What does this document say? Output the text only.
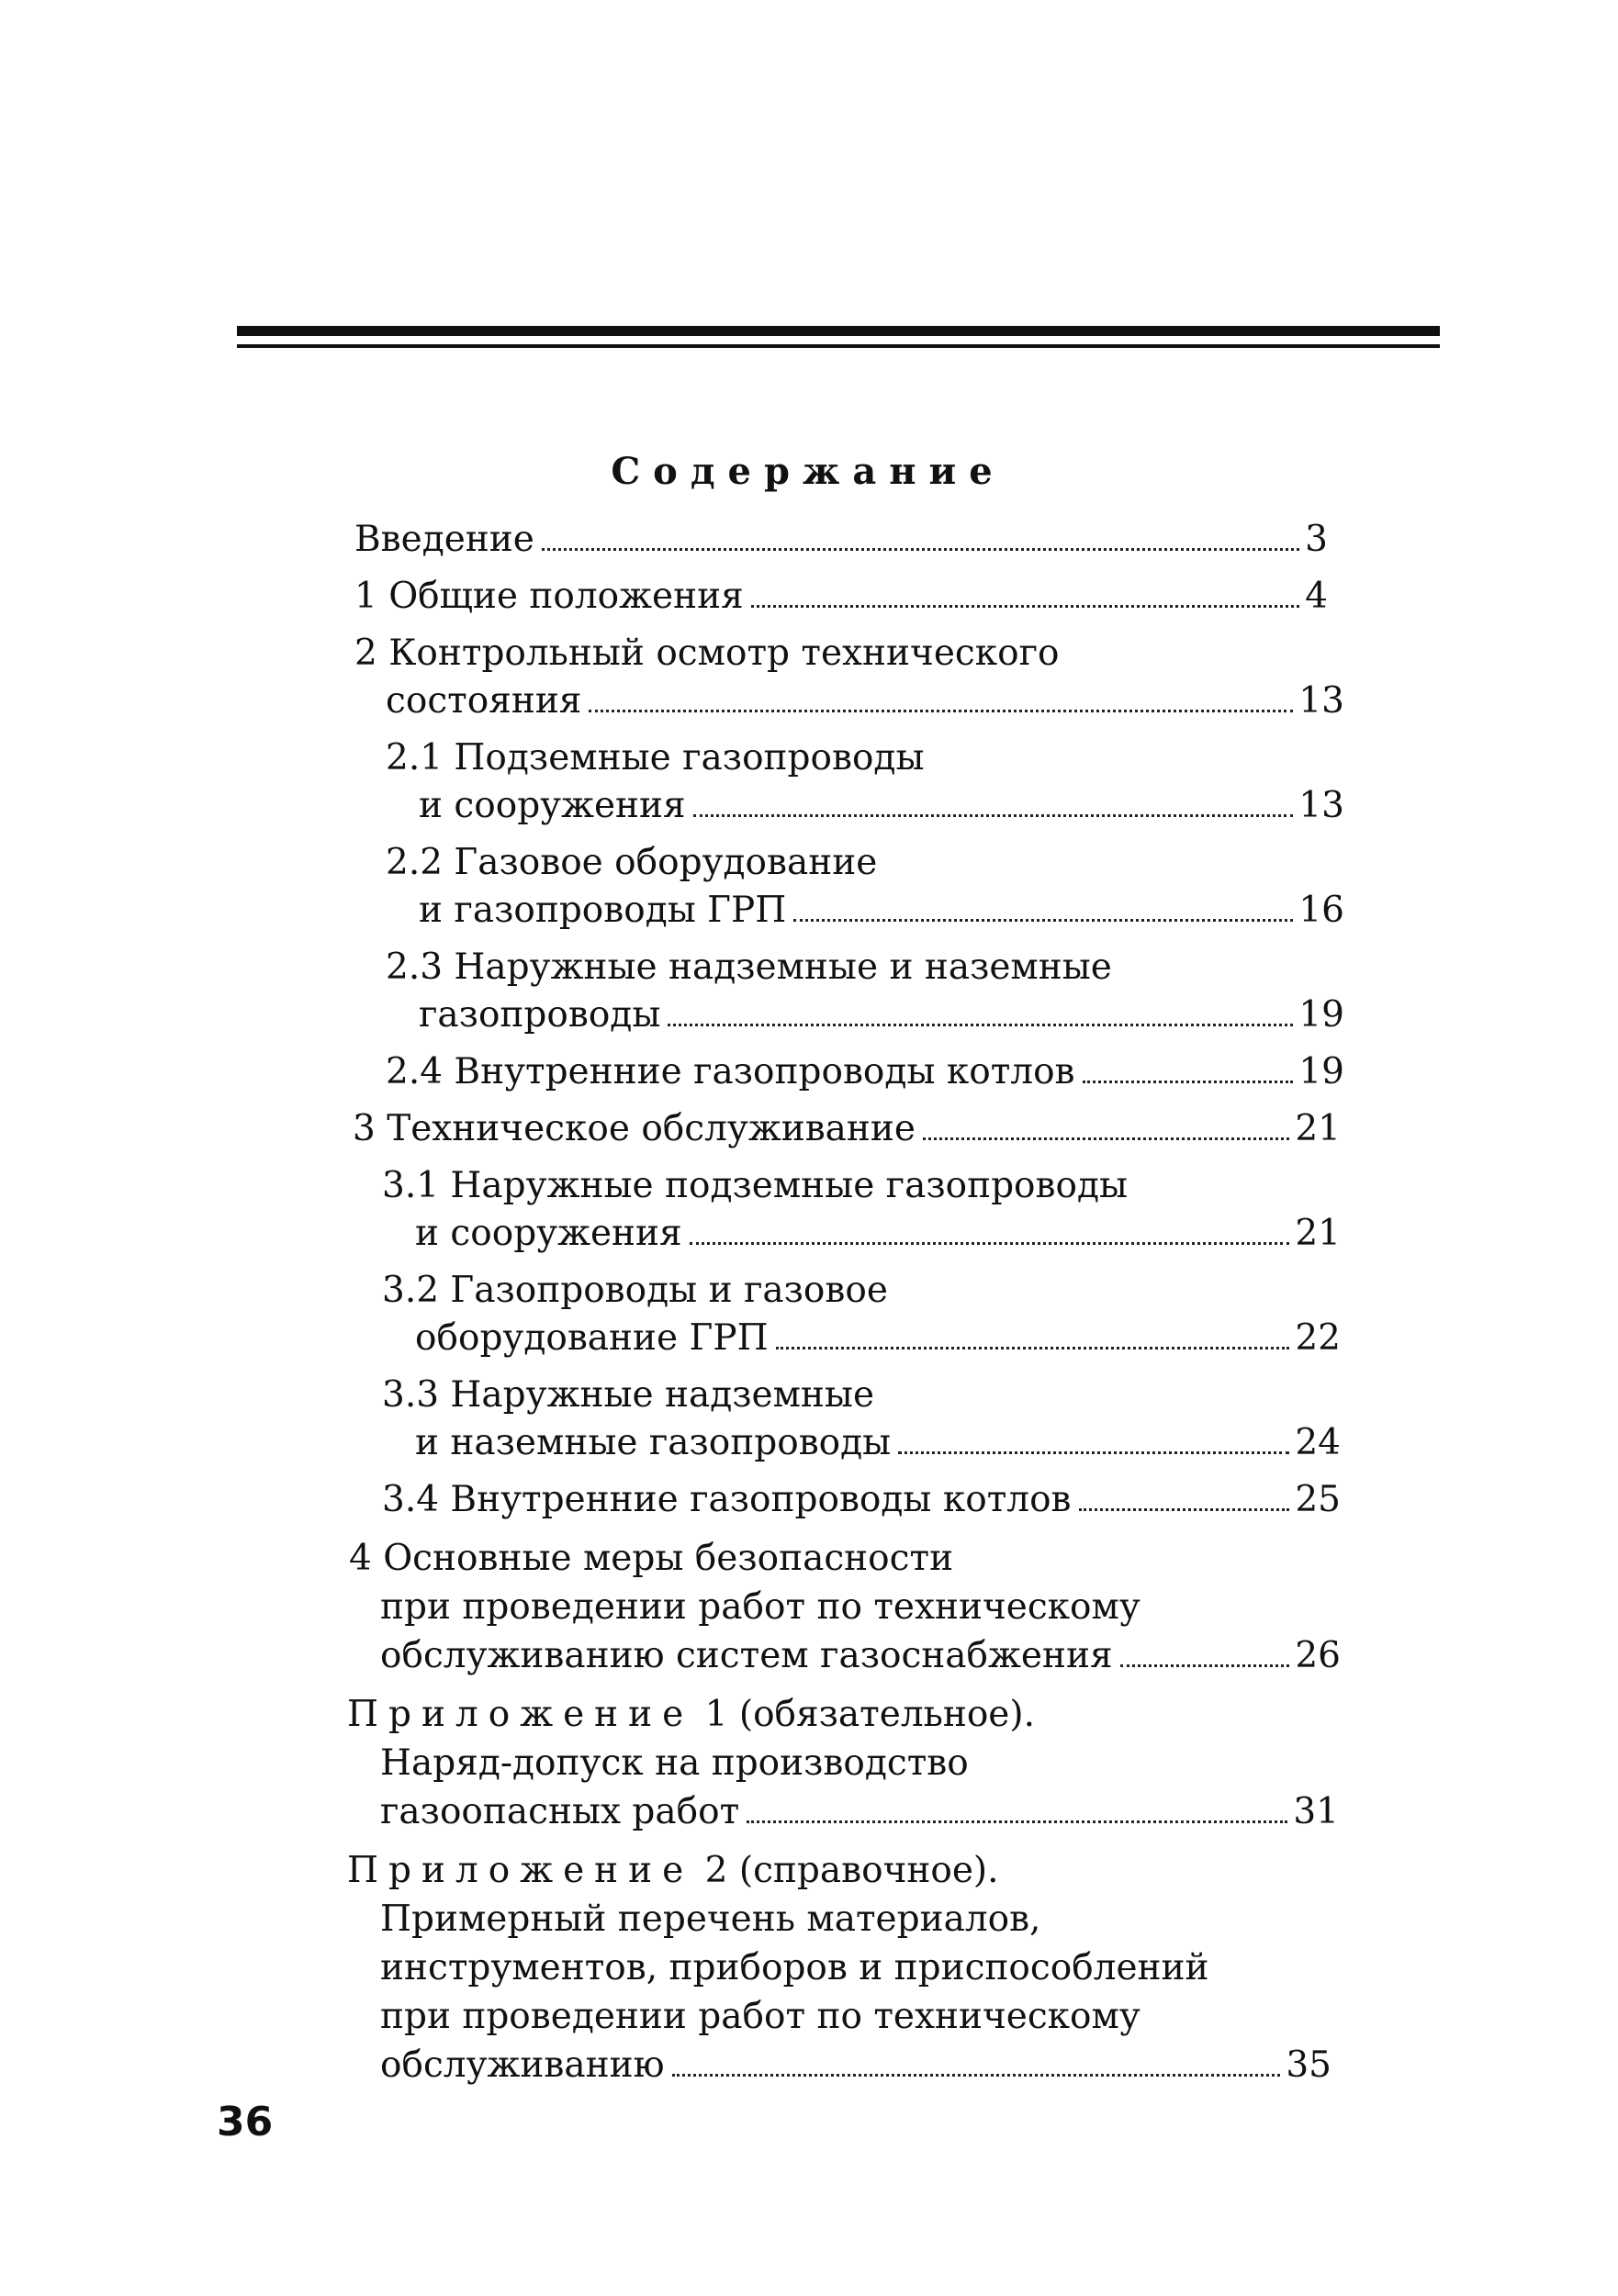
Содержание
Введение	3
1 Общие положения	4
2 Контрольный осмотр технического
состояния	13
2.1 Подземные газопроводы
и сооружения	13
2.2 Газовое оборудование
и газопроводы ГРП	16
2.3 Наружные надземные и наземные
газопроводы	19
2.4 Внутренние газопроводы котлов	19
3 Техническое обслуживание	21
3.1 Наружные подземные газопроводы
и сооружения	21
3.2 Газопроводы и газовое
оборудование ГРП	22
3.3 Наружные надземные
и наземные газопроводы	24
3.4 Внутренние газопроводы котлов	25
4 Основные меры безопасности
при проведении работ по техническому
обслуживанию систем газоснабжения	26
Приложение 1 (обязательное).
Наряд-допуск на производство
газоопасных работ	31
Приложение 2 (справочное).
Примерный перечень материалов,
инструментов, приборов и приспособлений
при проведении работ по техническому
обслуживанию	35
36
